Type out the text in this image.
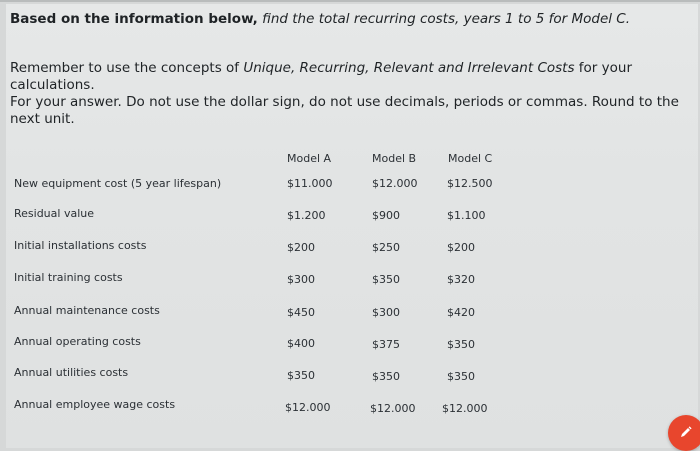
Based on the information below, find the total recurring costs, years 1 to 5 for Model C.

Remember to use the concepts of Unique, Recurring, Relevant and Irrelevant Costs for your calculations.

For your answer. Do not use the dollar sign, do not use decimals, periods or commas. Round to the next unit.

Model A	Model B	Model C
New equipment cost (5 year lifespan)	$11.000	$12.000	$12.500
Residual value	$1.200	$900	$1.100
Initial installations costs	$200	$250	$200
Initial training costs	$300	$350	$320
Annual maintenance costs	$450	$300	$420
Annual operating costs	$400	$375	$350
Annual utilities costs	$350	$350	$350
Annual employee wage costs	$12.000	$12.000 $12.000
